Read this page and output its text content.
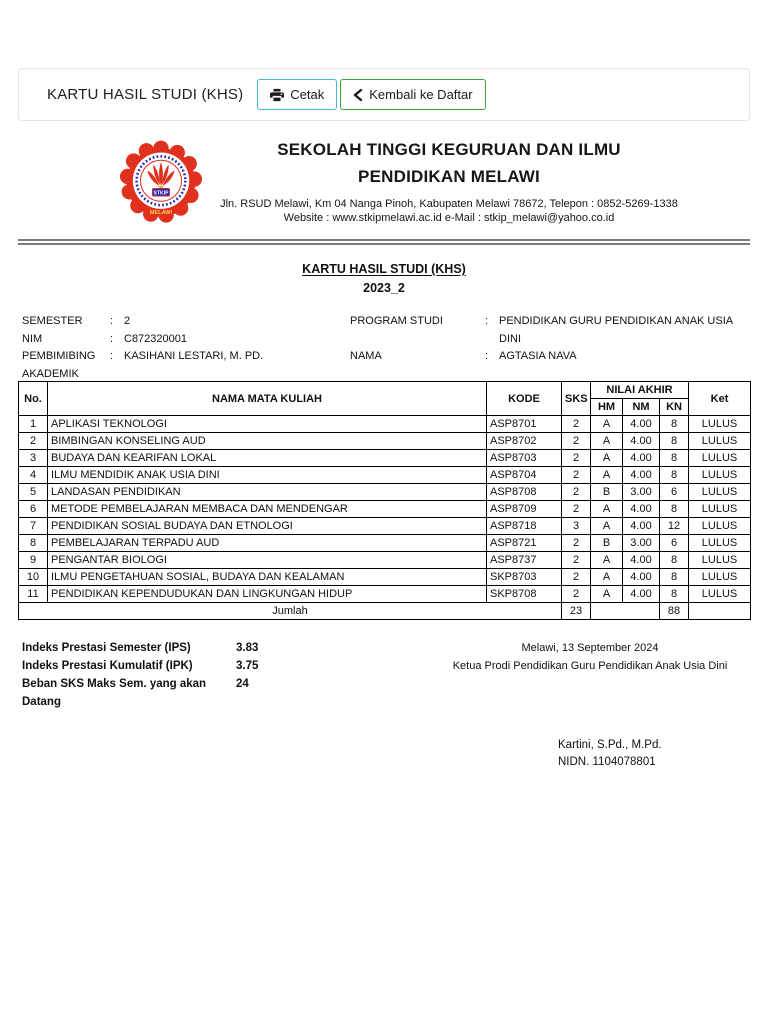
KARTU HASIL STUDI (KHS)	Cetak	Kembali ke Daftar
STKIP
MELAWI
SEKOLAH TINGGI KEGURUAN DAN ILMU
PENDIDIKAN MELAWI
Jln. RSUD Melawi, Km 04 Nanga Pinoh, Kabupaten Melawi 78672, Telepon : 0852-5269-1338
Website : www.stkipmelawi.ac.id e-Mail : stkip_melawi@yahoo.co.id
KARTU HASIL STUDI (KHS)
2023_2
SEMESTER	: 2
NIM	: C872320001
PEMBIMIBING AKADEMIK
: KASIHANI LESTARI, M. PD.
PROGRAM STUDI	: PENDIDIKAN GURU PENDIDIKAN ANAK USIA DINI
NAMA	: AGTASIA NAVA
No.	NAMA MATA KULIAH	KODE	SKS	NILAI AKHIR			Ket
				HM	NM	KN	
1	APLIKASI TEKNOLOGI	ASP8701	2	A	4.00	8	LULUS
2	BIMBINGAN KONSELING AUD	ASP8702	2	A	4.00	8	LULUS
3	BUDAYA DAN KEARIFAN LOKAL	ASP8703	2	A	4.00	8	LULUS
4	ILMU MENDIDIK ANAK USIA DINI	ASP8704	2	A	4.00	8	LULUS
5	LANDASAN PENDIDIKAN	ASP8708	2	B	3.00	6	LULUS
6	METODE PEMBELAJARAN MEMBACA DAN MENDENGAR	ASP8709	2	A	4.00	8	LULUS
7	PENDIDIKAN SOSIAL BUDAYA DAN ETNOLOGI	ASP8718	3	A	4.00	12	LULUS
8	PEMBELAJARAN TERPADU AUD	ASP8721	2	B	3.00	6	LULUS
9	PENGANTAR BIOLOGI	ASP8737	2	A	4.00	8	LULUS
10	ILMU PENGETAHUAN SOSIAL, BUDAYA DAN KEALAMAN	SKP8703	2	A	4.00	8	LULUS
11	PENDIDIKAN KEPENDUDUKAN DAN LINGKUNGAN HIDUP	SKP8708	2	A	4.00	8	LULUS
Jumlah			23			88	
Indeks Prestasi Semester (IPS)	3.83
Indeks Prestasi Kumulatif (IPK)	3.75
Beban SKS Maks Sem. yang akan Datang
24
Melawi, 13 September 2024
Ketua Prodi Pendidikan Guru Pendidikan Anak Usia Dini
Kartini, S.Pd., M.Pd.
NIDN. 1104078801
